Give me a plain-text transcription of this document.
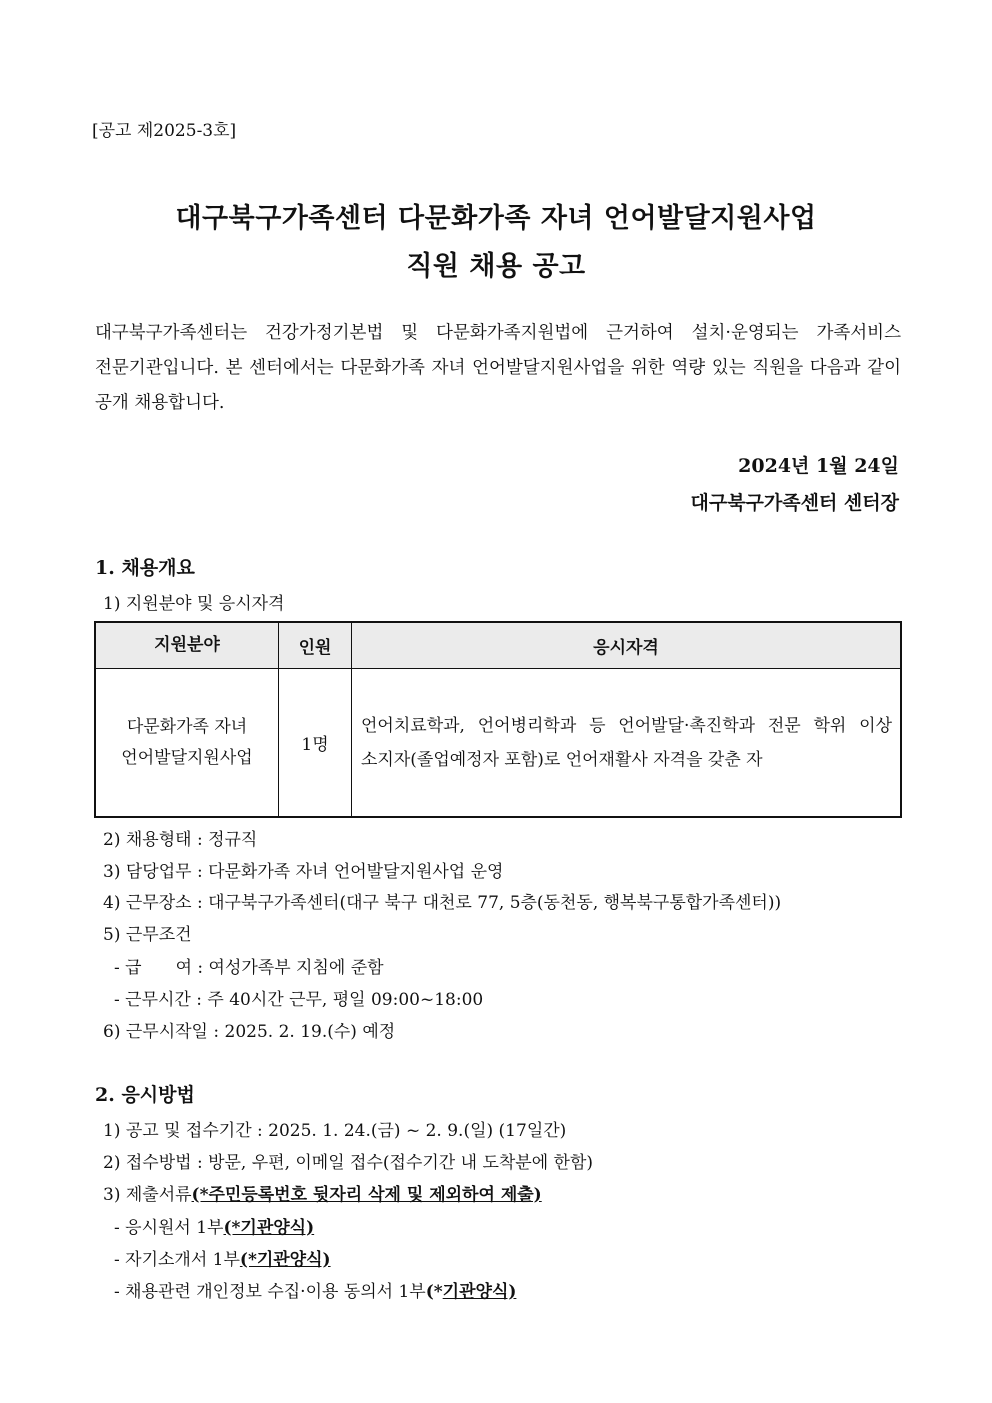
[공고 제2025-3호]
대구북구가족센터 다문화가족 자녀 언어발달지원사업
직원 채용 공고
대구북구가족센터는 건강가정기본법 및 다문화가족지원법에 근거하여 설치·운영되는 가족서비스 전문기관입니다. 본 센터에서는 다문화가족 자녀 언어발달지원사업을 위한 역량 있는 직원을 다음과 같이 공개 채용합니다.
2024년 1월 24일
대구북구가족센터 센터장
1. 채용개요
1) 지원분야 및 응시자격
지원분야	인원	응시자격

다문화가족 자녀
언어발달지원사업	1명	언어치료학과, 언어병리학과 등 언어발달·촉진학과 전문 학위 이상 소지자(졸업예정자 포함)로 언어재활사 자격을 갖춘 자
2) 채용형태 : 정규직
3) 담당업무 : 다문화가족 자녀 언어발달지원사업 운영
4) 근무장소 : 대구북구가족센터(대구 북구 대천로 77, 5층(동천동, 행복북구통합가족센터))
5) 근무조건
- 급　　여 : 여성가족부 지침에 준함
- 근무시간 : 주 40시간 근무, 평일 09:00~18:00
6) 근무시작일 : 2025. 2. 19.(수) 예정
2. 응시방법
1) 공고 및 접수기간 : 2025. 1. 24.(금) ~ 2. 9.(일) (17일간)
2) 접수방법 : 방문, 우편, 이메일 접수(접수기간 내 도착분에 한함)
3) 제출서류(*주민등록번호 뒷자리 삭제 및 제외하여 제출)
- 응시원서 1부(*기관양식)
- 자기소개서 1부(*기관양식)
- 채용관련 개인정보 수집·이용 동의서 1부(*기관양식)
